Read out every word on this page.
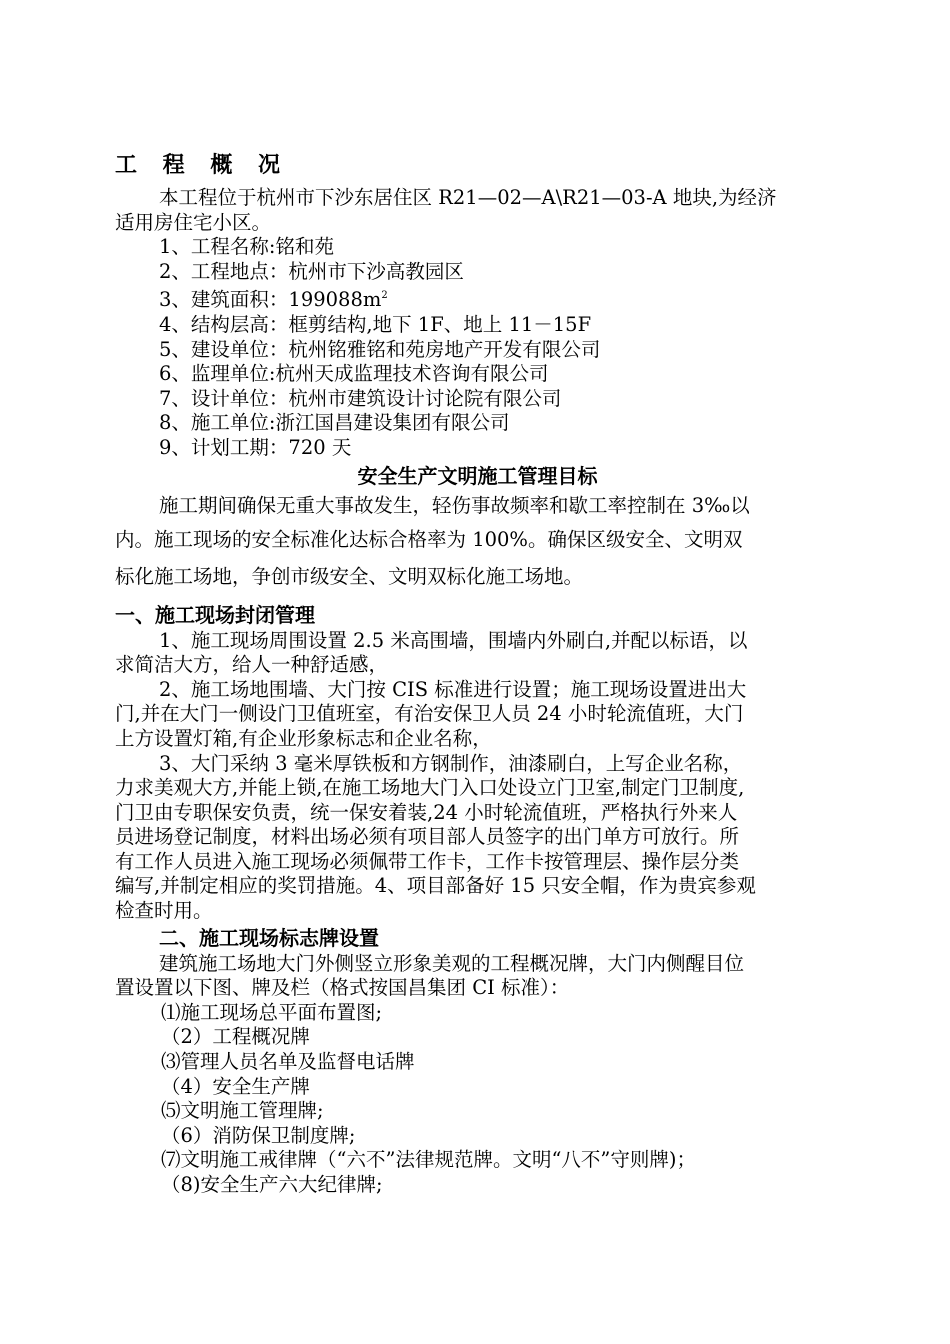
工 程 概 况
本工程位于杭州市下沙东居住区 R21—02—A\R21—03-A 地块,为经济
适用房住宅小区。
1、工程名称:铭和苑
2、工程地点：杭州市下沙高教园区
3、建筑面积：$199088m^2$
4、结构层高：框剪结构,地下 1F、地上 11－15F
5、建设单位：杭州铭雅铭和苑房地产开发有限公司
6、监理单位:杭州天成监理技术咨询有限公司
7、设计单位：杭州市建筑设计讨论院有限公司
8、施工单位:浙江国昌建设集团有限公司
9、计划工期：720 天
安全生产文明施工管理目标
施工期间确保无重大事故发生，轻伤事故频率和歇工率控制在 3‰以
内。施工现场的安全标准化达标合格率为 100%。确保区级安全、文明双
标化施工场地，争创市级安全、文明双标化施工场地。
一、施工现场封闭管理
1、施工现场周围设置 2.5 米高围墙，围墙内外刷白,并配以标语，以
求简洁大方，给人一种舒适感，
2、施工场地围墙、大门按 CIS 标准进行设置；施工现场设置进出大
门,并在大门一侧设门卫值班室，有治安保卫人员 24 小时轮流值班，大门
上方设置灯箱,有企业形象标志和企业名称，
3、大门采纳 3 毫米厚铁板和方钢制作，油漆刷白，上写企业名称，
力求美观大方,并能上锁,在施工场地大门入口处设立门卫室,制定门卫制度,
门卫由专职保安负责，统一保安着装,24 小时轮流值班，严格执行外来人
员进场登记制度，材料出场必须有项目部人员签字的出门单方可放行。所
有工作人员进入施工现场必须佩带工作卡，工作卡按管理层、操作层分类
编写,并制定相应的奖罚措施。4、项目部备好 15 只安全帽，作为贵宾参观
检查时用。
二、施工现场标志牌设置
建筑施工场地大门外侧竖立形象美观的工程概况牌，大门内侧醒目位
置设置以下图、牌及栏（格式按国昌集团 CI 标准）：
⑴施工现场总平面布置图;
（2）工程概况牌
⑶管理人员名单及监督电话牌
（4）安全生产牌
⑸文明施工管理牌;
（6）消防保卫制度牌;
⑺文明施工戒律牌（“六不”法律规范牌。文明“八不”守则牌)；
（8)安全生产六大纪律牌;
